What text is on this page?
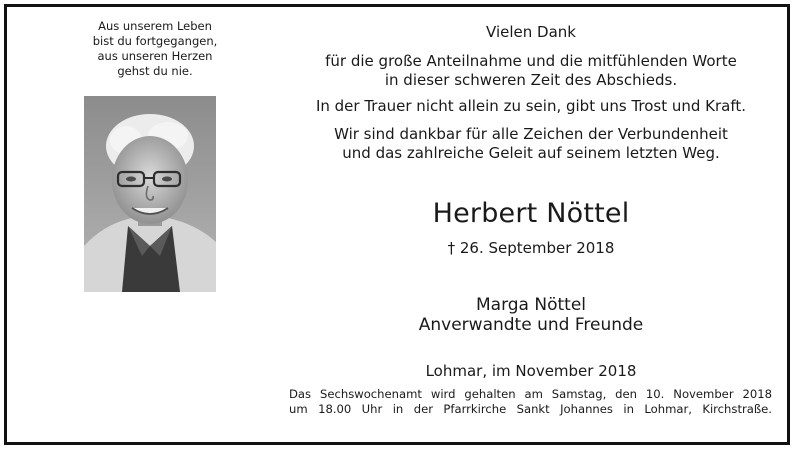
Aus unserem Leben
bist du fortgegangen,
aus unseren Herzen
gehst du nie.
Vielen Dank
für die große Anteilnahme und die mitfühlenden Worte
in dieser schweren Zeit des Abschieds.
In der Trauer nicht allein zu sein, gibt uns Trost und Kraft.
Wir sind dankbar für alle Zeichen der Verbundenheit
und das zahlreiche Geleit auf seinem letzten Weg.
Herbert Nöttel
† 26. September 2018
Marga Nöttel
Anverwandte und Freunde
Lohmar, im November 2018
Das Sechswochenamt wird gehalten am Samstag, den 10. November 2018
um 18.00 Uhr in der Pfarrkirche Sankt Johannes in Lohmar, Kirchstraße.
